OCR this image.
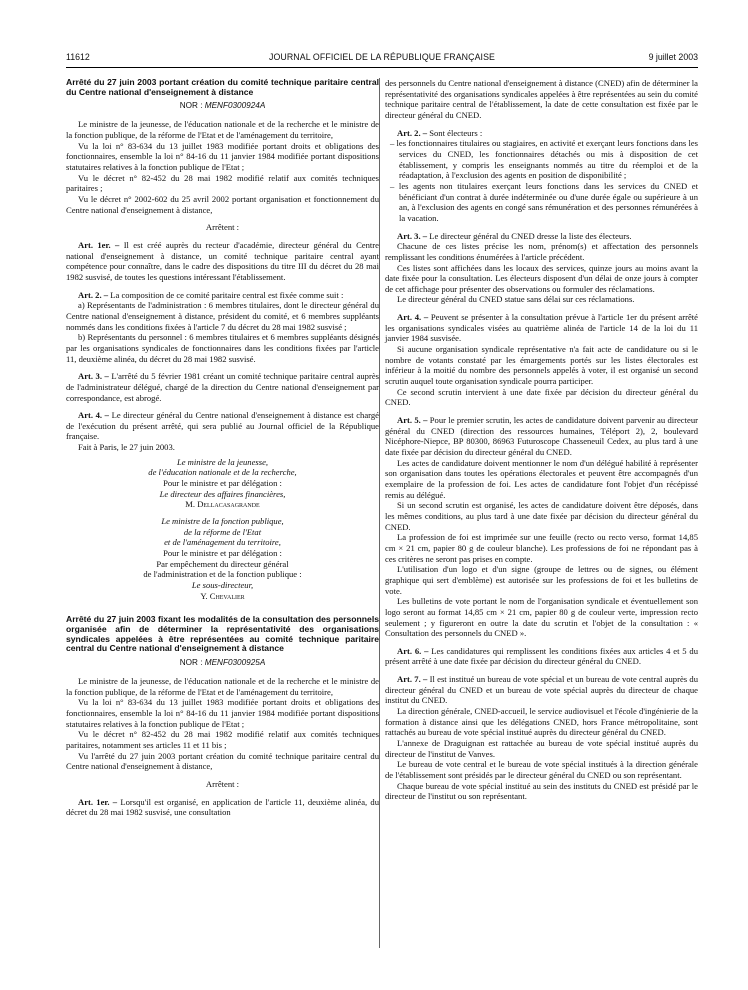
11612	JOURNAL OFFICIEL DE LA RÉPUBLIQUE FRANÇAISE	9 juillet 2003
Arrêté du 27 juin 2003 portant création du comité technique paritaire central du Centre national d'enseignement à distance
NOR : MENF0300924A

Le ministre de la jeunesse, de l'éducation nationale et de la recherche et le ministre de la fonction publique, de la réforme de l'Etat et de l'aménagement du territoire,

Vu la loi n° 83-634 du 13 juillet 1983 modifiée portant droits et obligations des fonctionnaires, ensemble la loi n° 84-16 du 11 janvier 1984 modifiée portant dispositions statutaires relatives à la fonction publique de l'Etat ;

Vu le décret n° 82-452 du 28 mai 1982 modifié relatif aux comités techniques paritaires ;

Vu le décret n° 2002-602 du 25 avril 2002 portant organisation et fonctionnement du Centre national d'enseignement à distance,

Arrêtent :

Art. 1er. – Il est créé auprès du recteur d'académie, directeur général du Centre national d'enseignement à distance, un comité technique paritaire central ayant compétence pour connaître, dans le cadre des dispositions du titre III du décret du 28 mai 1982 susvisé, de toutes les questions intéressant l'établissement.

Art. 2. – La composition de ce comité paritaire central est fixée comme suit :

a) Représentants de l'administration : 6 membres titulaires, dont le directeur général du Centre national d'enseignement à distance, président du comité, et 6 membres suppléants nommés dans les conditions fixées à l'article 7 du décret du 28 mai 1982 susvisé ;

b) Représentants du personnel : 6 membres titulaires et 6 membres suppléants désignés par les organisations syndicales de fonctionnaires dans les conditions fixées par l'article 11, deuxième alinéa, du décret du 28 mai 1982 susvisé.

Art. 3. – L'arrêté du 5 février 1981 créant un comité technique paritaire central auprès de l'administrateur délégué, chargé de la direction du Centre national d'enseignement par correspondance, est abrogé.

Art. 4. – Le directeur général du Centre national d'enseignement à distance est chargé de l'exécution du présent arrêté, qui sera publié au Journal officiel de la République française.

Fait à Paris, le 27 juin 2003.

Le ministre de la jeunesse,

de l'éducation nationale et de la recherche,

Pour le ministre et par délégation :

Le directeur des affaires financières,

M. Dellacasagrande

Le ministre de la fonction publique,

de la réforme de l'Etat

et de l'aménagement du territoire,

Pour le ministre et par délégation :

Par empêchement du directeur général

de l'administration et de la fonction publique :

Le sous-directeur,

Y. Chevalier

Arrêté du 27 juin 2003 fixant les modalités de la consultation des personnels organisée afin de déterminer la représentativité des organisations syndicales appelées à être représentées au comité technique paritaire central du Centre national d'enseignement à distance
NOR : MENF0300925A

Le ministre de la jeunesse, de l'éducation nationale et de la recherche et le ministre de la fonction publique, de la réforme de l'Etat et de l'aménagement du territoire,

Vu la loi n° 83-634 du 13 juillet 1983 modifiée portant droits et obligations des fonctionnaires, ensemble la loi n° 84-16 du 11 janvier 1984 modifiée portant dispositions statutaires relatives à la fonction publique de l'Etat ;

Vu le décret n° 82-452 du 28 mai 1982 modifié relatif aux comités techniques paritaires, notamment ses articles 11 et 11 bis ;

Vu l'arrêté du 27 juin 2003 portant création du comité technique paritaire central du Centre national d'enseignement à distance,

Arrêtent :

Art. 1er. – Lorsqu'il est organisé, en application de l'article 11, deuxième alinéa, du décret du 28 mai 1982 susvisé, une consultation

des personnels du Centre national d'enseignement à distance (CNED) afin de déterminer la représentativité des organisations syndicales appelées à être représentées au sein du comité technique paritaire central de l'établissement, la date de cette consultation est fixée par le directeur général du CNED.

Art. 2. – Sont électeurs :

– les fonctionnaires titulaires ou stagiaires, en activité et exerçant leurs fonctions dans les services du CNED, les fonctionnaires détachés ou mis à disposition de cet établissement, y compris les enseignants nommés au titre du réemploi et de la réadaptation, à l'exclusion des agents en position de disponibilité ;

– les agents non titulaires exerçant leurs fonctions dans les services du CNED et bénéficiant d'un contrat à durée indéterminée ou d'une durée égale ou supérieure à un an, à l'exclusion des agents en congé sans rémunération et des personnes rémunérées à la vacation.

Art. 3. – Le directeur général du CNED dresse la liste des électeurs.

Chacune de ces listes précise les nom, prénom(s) et affectation des personnels remplissant les conditions énumérées à l'article précédent.

Ces listes sont affichées dans les locaux des services, quinze jours au moins avant la date fixée pour la consultation. Les électeurs disposent d'un délai de onze jours à compter de cet affichage pour présenter des observations ou formuler des réclamations.

Le directeur général du CNED statue sans délai sur ces réclamations.

Art. 4. – Peuvent se présenter à la consultation prévue à l'article 1er du présent arrêté les organisations syndicales visées au quatrième alinéa de l'article 14 de la loi du 11 janvier 1984 susvisée.

Si aucune organisation syndicale représentative n'a fait acte de candidature ou si le nombre de votants constaté par les émargements portés sur les listes électorales est inférieur à la moitié du nombre des personnels appelés à voter, il est organisé un second scrutin auquel toute organisation syndicale pourra participer.

Ce second scrutin intervient à une date fixée par décision du directeur général du CNED.

Art. 5. – Pour le premier scrutin, les actes de candidature doivent parvenir au directeur général du CNED (direction des ressources humaines, Téléport 2), 2, boulevard Nicéphore-Niepce, BP 80300, 86963 Futuroscope Chasseneuil Cedex, au plus tard à une date fixée par décision du directeur général du CNED.

Les actes de candidature doivent mentionner le nom d'un délégué habilité à représenter son organisation dans toutes les opérations électorales et peuvent être accompagnés d'un exemplaire de la profession de foi. Les actes de candidature font l'objet d'un récépissé remis au délégué.

Si un second scrutin est organisé, les actes de candidature doivent être déposés, dans les mêmes conditions, au plus tard à une date fixée par décision du directeur général du CNED.

La profession de foi est imprimée sur une feuille (recto ou recto verso, format 14,85 cm × 21 cm, papier 80 g de couleur blanche). Les professions de foi ne répondant pas à ces critères ne seront pas prises en compte.

L'utilisation d'un logo et d'un signe (groupe de lettres ou de signes, ou élément graphique qui sert d'emblème) est autorisée sur les professions de foi et les bulletins de vote.

Les bulletins de vote portant le nom de l'organisation syndicale et éventuellement son logo seront au format 14,85 cm × 21 cm, papier 80 g de couleur verte, impression recto seulement ; y figureront en outre la date du scrutin et l'objet de la consultation : « Consultation des personnels du CNED ».

Art. 6. – Les candidatures qui remplissent les conditions fixées aux articles 4 et 5 du présent arrêté à une date fixée par décision du directeur général du CNED.

Art. 7. – Il est institué un bureau de vote spécial et un bureau de vote central auprès du directeur général du CNED et un bureau de vote spécial auprès du directeur de chaque institut du CNED.

La direction générale, CNED-accueil, le service audiovisuel et l'école d'ingénierie de la formation à distance ainsi que les délégations CNED, hors France métropolitaine, sont rattachés au bureau de vote spécial institué auprès du directeur général du CNED.

L'annexe de Draguignan est rattachée au bureau de vote spécial institué auprès du directeur de l'institut de Vanves.

Le bureau de vote central et le bureau de vote spécial institués à la direction générale de l'établissement sont présidés par le directeur général du CNED ou son représentant.

Chaque bureau de vote spécial institué au sein des instituts du CNED est présidé par le directeur de l'institut ou son représentant.
